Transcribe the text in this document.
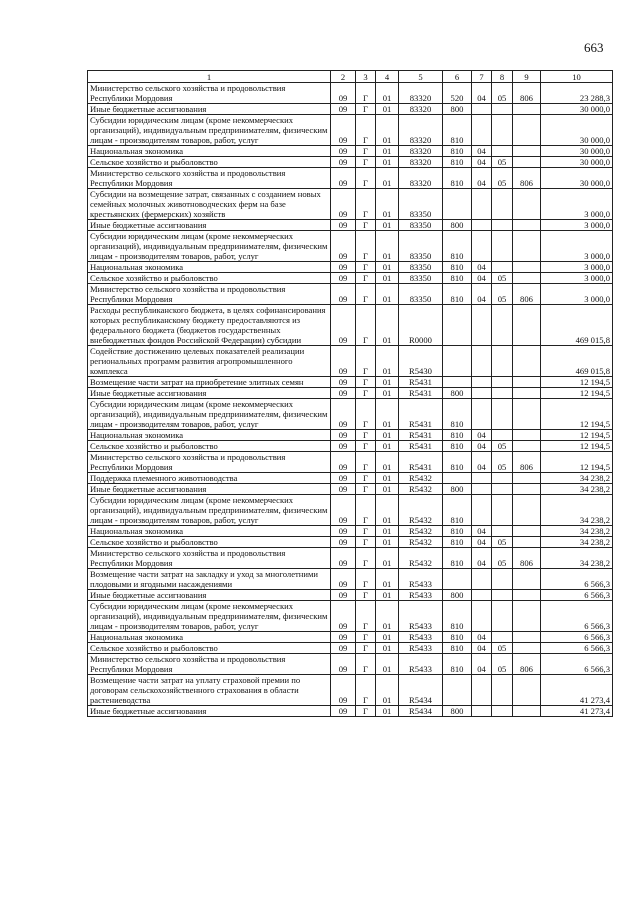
663
1	2	3	4	5	6	7	8	9	10
Министерство сельского хозяйства и продовольствия Республики Мордовия	09	Г	01	83320	520	04	05	806	23 288,3
Иные бюджетные ассигнования	09	Г	01	83320	800				30 000,0
Субсидии юридическим лицам (кроме некоммерческих организаций), индивидуальным предпринимателям, физическим лицам - производителям товаров, работ, услуг	09	Г	01	83320	810				30 000,0
Национальная экономика	09	Г	01	83320	810	04			30 000,0
Сельское хозяйство и рыболовство	09	Г	01	83320	810	04	05		30 000,0
Министерство сельского хозяйства и продовольствия Республики Мордовия	09	Г	01	83320	810	04	05	806	30 000,0
Субсидии на возмещение затрат, связанных с созданием новых семейных молочных животноводческих ферм на базе крестьянских (фермерских) хозяйств	09	Г	01	83350					3 000,0
Иные бюджетные ассигнования	09	Г	01	83350	800				3 000,0
Субсидии юридическим лицам (кроме некоммерческих организаций), индивидуальным предпринимателям, физическим лицам - производителям товаров, работ, услуг	09	Г	01	83350	810				3 000,0
Национальная экономика	09	Г	01	83350	810	04			3 000,0
Сельское хозяйство и рыболовство	09	Г	01	83350	810	04	05		3 000,0
Министерство сельского хозяйства и продовольствия Республики Мордовия	09	Г	01	83350	810	04	05	806	3 000,0
Расходы республиканского бюджета, в целях софинансирования которых республиканскому бюджету предоставляются из федерального бюджета (бюджетов государственных внебюджетных фондов Российской Федерации) субсидии	09	Г	01	R0000					469 015,8
Содействие достижению целевых показателей реализации региональных программ развития агропромышленного комплекса	09	Г	01	R5430					469 015,8
Возмещение части затрат на приобретение элитных семян	09	Г	01	R5431					12 194,5
Иные бюджетные ассигнования	09	Г	01	R5431	800				12 194,5
Субсидии юридическим лицам (кроме некоммерческих организаций), индивидуальным предпринимателям, физическим лицам - производителям товаров, работ, услуг	09	Г	01	R5431	810				12 194,5
Национальная экономика	09	Г	01	R5431	810	04			12 194,5
Сельское хозяйство и рыболовство	09	Г	01	R5431	810	04	05		12 194,5
Министерство сельского хозяйства и продовольствия Республики Мордовия	09	Г	01	R5431	810	04	05	806	12 194,5
Поддержка племенного животноводства	09	Г	01	R5432					34 238,2
Иные бюджетные ассигнования	09	Г	01	R5432	800				34 238,2
Субсидии юридическим лицам (кроме некоммерческих организаций), индивидуальным предпринимателям, физическим лицам - производителям товаров, работ, услуг	09	Г	01	R5432	810				34 238,2
Национальная экономика	09	Г	01	R5432	810	04			34 238,2
Сельское хозяйство и рыболовство	09	Г	01	R5432	810	04	05		34 238,2
Министерство сельского хозяйства и продовольствия Республики Мордовия	09	Г	01	R5432	810	04	05	806	34 238,2
Возмещение части затрат на закладку и уход за многолетними плодовыми и ягодными насаждениями	09	Г	01	R5433					6 566,3
Иные бюджетные ассигнования	09	Г	01	R5433	800				6 566,3
Субсидии юридическим лицам (кроме некоммерческих организаций), индивидуальным предпринимателям, физическим лицам - производителям товаров, работ, услуг	09	Г	01	R5433	810				6 566,3
Национальная экономика	09	Г	01	R5433	810	04			6 566,3
Сельское хозяйство и рыболовство	09	Г	01	R5433	810	04	05		6 566,3
Министерство сельского хозяйства и продовольствия Республики Мордовия	09	Г	01	R5433	810	04	05	806	6 566,3
Возмещение части затрат на уплату страховой премии по договорам сельскохозяйственного страхования в области растениеводства	09	Г	01	R5434					41 273,4
Иные бюджетные ассигнования	09	Г	01	R5434	800				41 273,4
